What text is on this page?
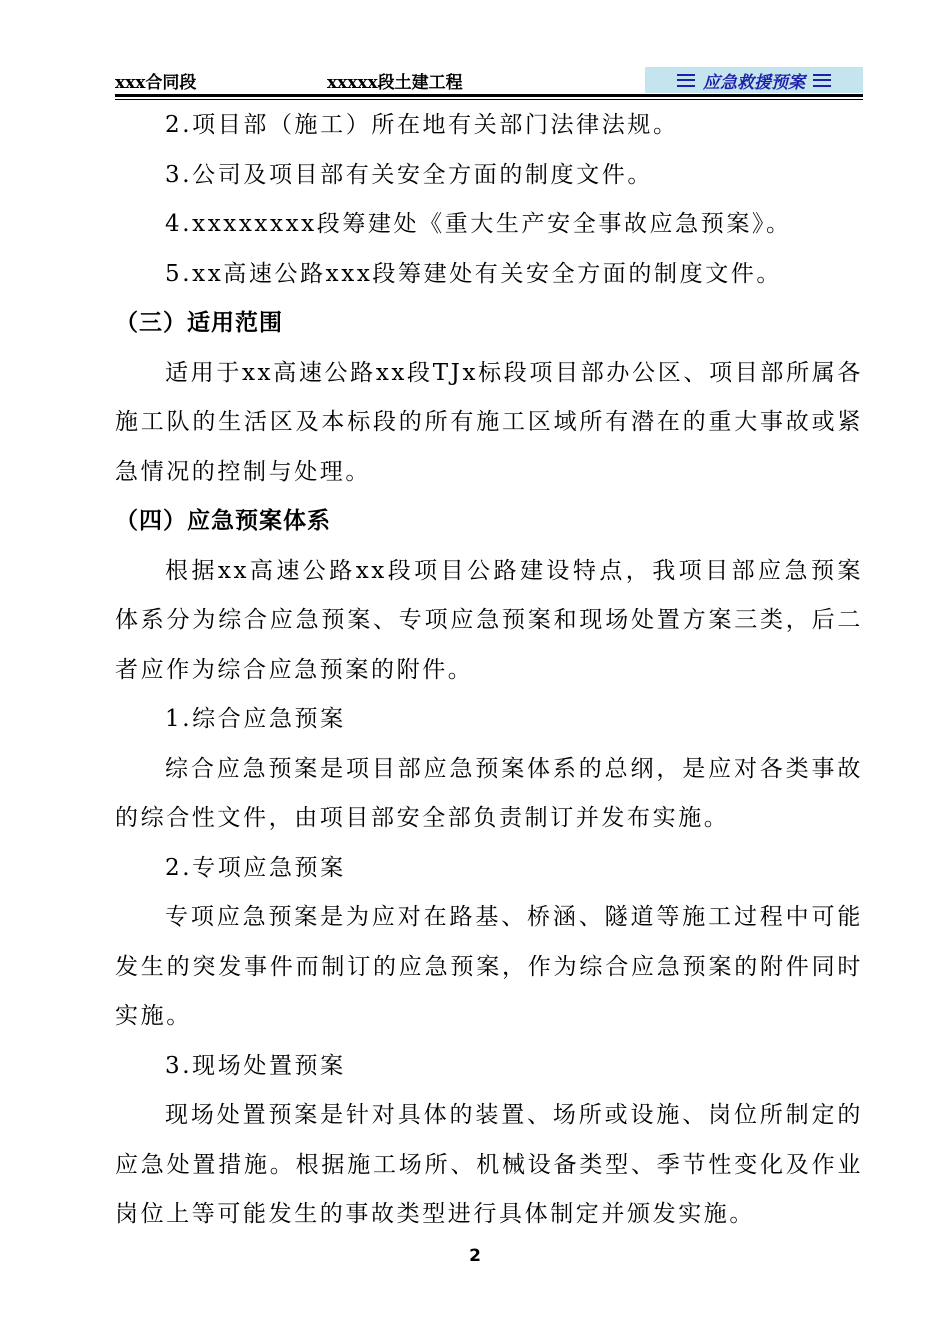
xxx合同段	xxxxx段土建工程	应急救援预案

2.项目部（施工）所在地有关部门法律法规。

3.公司及项目部有关安全方面的制度文件。

4.xxxxxxxx段筹建处《重大生产安全事故应急预案》。

5.xx高速公路xxx段筹建处有关安全方面的制度文件。

（三）适用范围

适用于xx高速公路xx段TJx标段项目部办公区、项目部所属各施工队的生活区及本标段的所有施工区域所有潜在的重大事故或紧急情况的控制与处理。

（四）应急预案体系

根据xx高速公路xx段项目公路建设特点，我项目部应急预案体系分为综合应急预案、专项应急预案和现场处置方案三类，后二者应作为综合应急预案的附件。

1.综合应急预案

综合应急预案是项目部应急预案体系的总纲，是应对各类事故的综合性文件，由项目部安全部负责制订并发布实施。

2.专项应急预案

专项应急预案是为应对在路基、桥涵、隧道等施工过程中可能发生的突发事件而制订的应急预案，作为综合应急预案的附件同时实施。

3.现场处置预案

现场处置预案是针对具体的装置、场所或设施、岗位所制定的应急处置措施。根据施工场所、机械设备类型、季节性变化及作业岗位上等可能发生的事故类型进行具体制定并颁发实施。

2
